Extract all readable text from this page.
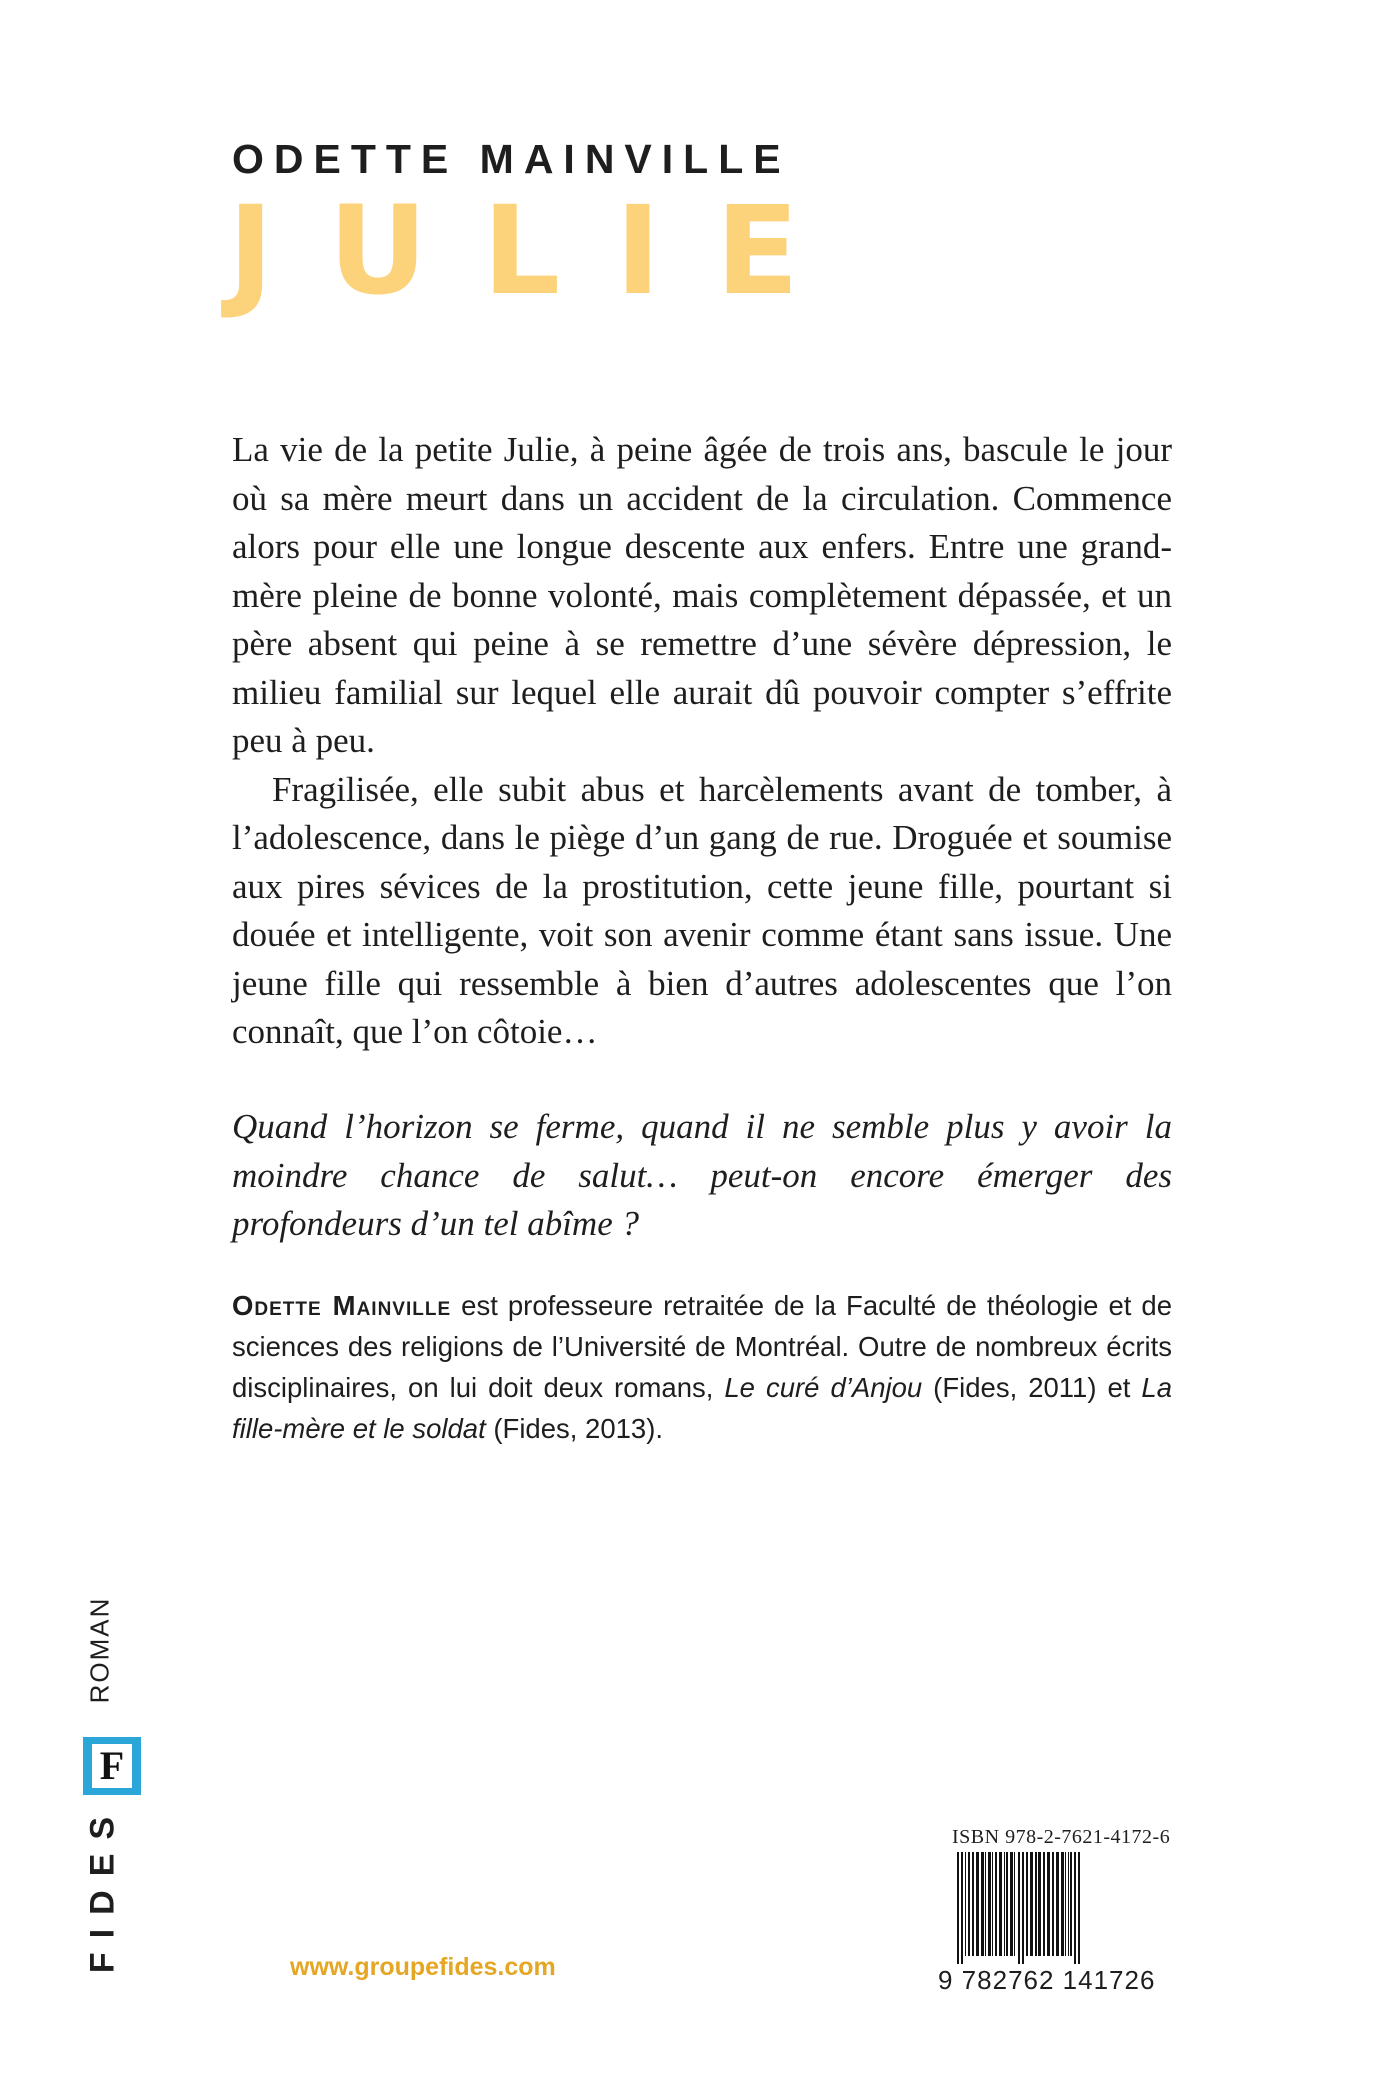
ODETTE MAINVILLE
JULIE

La vie de la petite Julie, à peine âgée de trois ans, bascule le jour où sa mère meurt dans un accident de la circulation. Commence alors pour elle une longue descente aux enfers. Entre une grand-mère pleine de bonne volonté, mais complètement dépassée, et un père absent qui peine à se remettre d’une sévère dépression, le milieu familial sur lequel elle aurait dû pouvoir compter s’effrite peu à peu.

Fragilisée, elle subit abus et harcèlements avant de tomber, à l’adolescence, dans le piège d’un gang de rue. Droguée et soumise aux pires sévices de la prostitution, cette jeune fille, pourtant si douée et intelligente, voit son avenir comme étant sans issue. Une jeune fille qui ressemble à bien d’autres adolescentes que l’on connaît, que l’on côtoie…

Quand l’horizon se ferme, quand il ne semble plus y avoir la moindre chance de salut… peut-on encore émerger des profondeurs d’un tel abîme ?

Odette Mainville est professeure retraitée de la Faculté de théologie et de sciences des religions de l’Université de Montréal. Outre de nombreux écrits disciplinaires, on lui doit deux romans, Le curé d’Anjou (Fides, 2011) et La fille-mère et le soldat (Fides, 2013).

ROMAN
F
FIDES	www.groupefides.com

ISBN 978-2-7621-4172-6

9 782762 141726
